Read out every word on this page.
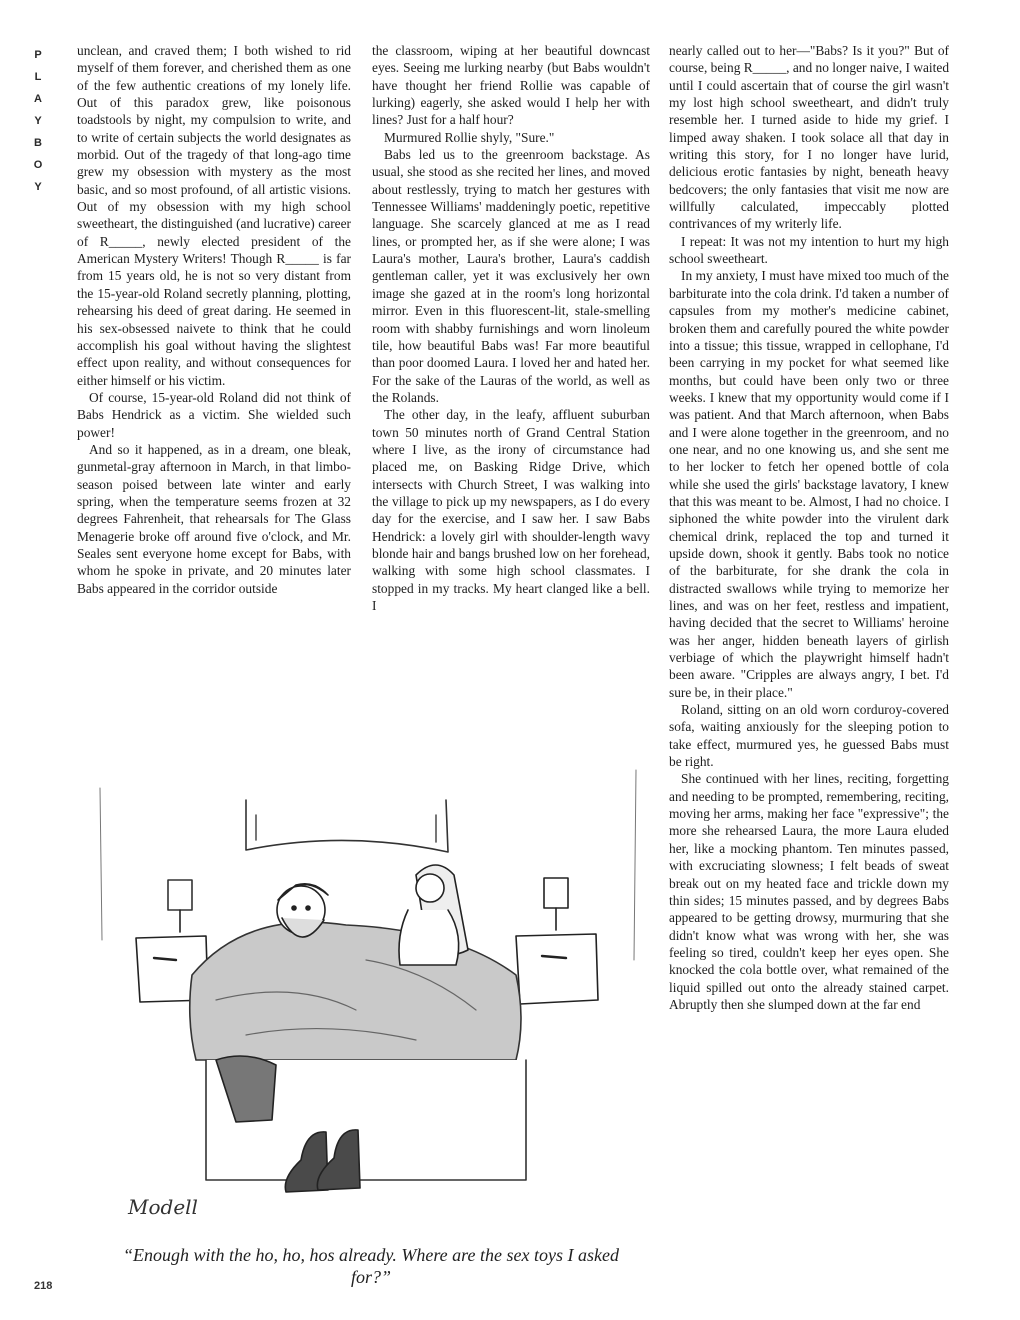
P
L
A
Y
B
O
Y

unclean, and craved them; I both wished to rid myself of them forever, and cherished them as one of the few authentic creations of my lonely life. Out of this paradox grew, like poisonous toadstools by night, my compulsion to write, and to write of certain subjects the world designates as morbid. Out of the tragedy of that long-ago time grew my obsession with mystery as the most basic, and so most profound, of all artistic visions. Out of my obsession with my high school sweetheart, the distinguished (and lucrative) career of R_____, newly elected president of the American Mystery Writers! Though R_____ is far from 15 years old, he is not so very distant from the 15-year-old Roland secretly planning, plotting, rehearsing his deed of great daring. He seemed in his sex-obsessed naivete to think that he could accomplish his goal without having the slightest effect upon reality, and without consequences for either himself or his victim.

Of course, 15-year-old Roland did not think of Babs Hendrick as a victim. She wielded such power!

And so it happened, as in a dream, one bleak, gunmetal-gray afternoon in March, in that limbo-season poised between late winter and early spring, when the temperature seems frozen at 32 degrees Fahrenheit, that rehearsals for The Glass Menagerie broke off around five o'clock, and Mr. Seales sent everyone home except for Babs, with whom he spoke in private, and 20 minutes later Babs appeared in the corridor outside

the classroom, wiping at her beautiful downcast eyes. Seeing me lurking nearby (but Babs wouldn't have thought her friend Rollie was capable of lurking) eagerly, she asked would I help her with lines? Just for a half hour?

Murmured Rollie shyly, "Sure."

Babs led us to the greenroom backstage. As usual, she stood as she recited her lines, and moved about restlessly, trying to match her gestures with Tennessee Williams' maddeningly poetic, repetitive language. She scarcely glanced at me as I read lines, or prompted her, as if she were alone; I was Laura's mother, Laura's brother, Laura's caddish gentleman caller, yet it was exclusively her own image she gazed at in the room's long horizontal mirror. Even in this fluorescent-lit, stale-smelling room with shabby furnishings and worn linoleum tile, how beautiful Babs was! Far more beautiful than poor doomed Laura. I loved her and hated her. For the sake of the Lauras of the world, as well as the Rolands.

The other day, in the leafy, affluent suburban town 50 minutes north of Grand Central Station where I live, as the irony of circumstance had placed me, on Basking Ridge Drive, which intersects with Church Street, I was walking into the village to pick up my newspapers, as I do every day for the exercise, and I saw her. I saw Babs Hendrick: a lovely girl with shoulder-length wavy blonde hair and bangs brushed low on her forehead, walking with some high school classmates. I stopped in my tracks. My heart clanged like a bell. I

nearly called out to her—"Babs? Is it you?" But of course, being R_____, and no longer naive, I waited until I could ascertain that of course the girl wasn't my lost high school sweetheart, and didn't truly resemble her. I turned aside to hide my grief. I limped away shaken. I took solace all that day in writing this story, for I no longer have lurid, delicious erotic fantasies by night, beneath heavy bedcovers; the only fantasies that visit me now are willfully calculated, impeccably plotted contrivances of my writerly life.

I repeat: It was not my intention to hurt my high school sweetheart.

In my anxiety, I must have mixed too much of the barbiturate into the cola drink. I'd taken a number of capsules from my mother's medicine cabinet, broken them and carefully poured the white powder into a tissue; this tissue, wrapped in cellophane, I'd been carrying in my pocket for what seemed like months, but could have been only two or three weeks. I knew that my opportunity would come if I was patient. And that March afternoon, when Babs and I were alone together in the greenroom, and no one near, and no one knowing us, and she sent me to her locker to fetch her opened bottle of cola while she used the girls' backstage lavatory, I knew that this was meant to be. Almost, I had no choice. I siphoned the white powder into the virulent dark chemical drink, replaced the top and turned it upside down, shook it gently. Babs took no notice of the barbiturate, for she drank the cola in distracted swallows while trying to memorize her lines, and was on her feet, restless and impatient, having decided that the secret to Williams' heroine was her anger, hidden beneath layers of girlish verbiage of which the playwright himself hadn't been aware. "Cripples are always angry, I bet. I'd sure be, in their place."

Roland, sitting on an old worn corduroy-covered sofa, waiting anxiously for the sleeping potion to take effect, murmured yes, he guessed Babs must be right.

She continued with her lines, reciting, forgetting and needing to be prompted, remembering, reciting, moving her arms, making her face "expressive"; the more she rehearsed Laura, the more Laura eluded her, like a mocking phantom. Ten minutes passed, with excruciating slowness; I felt beads of sweat break out on my heated face and trickle down my thin sides; 15 minutes passed, and by degrees Babs appeared to be getting drowsy, murmuring that she didn't know what was wrong with her, she was feeling so tired, couldn't keep her eyes open. She knocked the cola bottle over, what remained of the liquid spilled out onto the already stained carpet. Abruptly then she slumped down at the far end

Modell
“Enough with the ho, ho, hos already. Where are the sex toys I asked for?”
218
